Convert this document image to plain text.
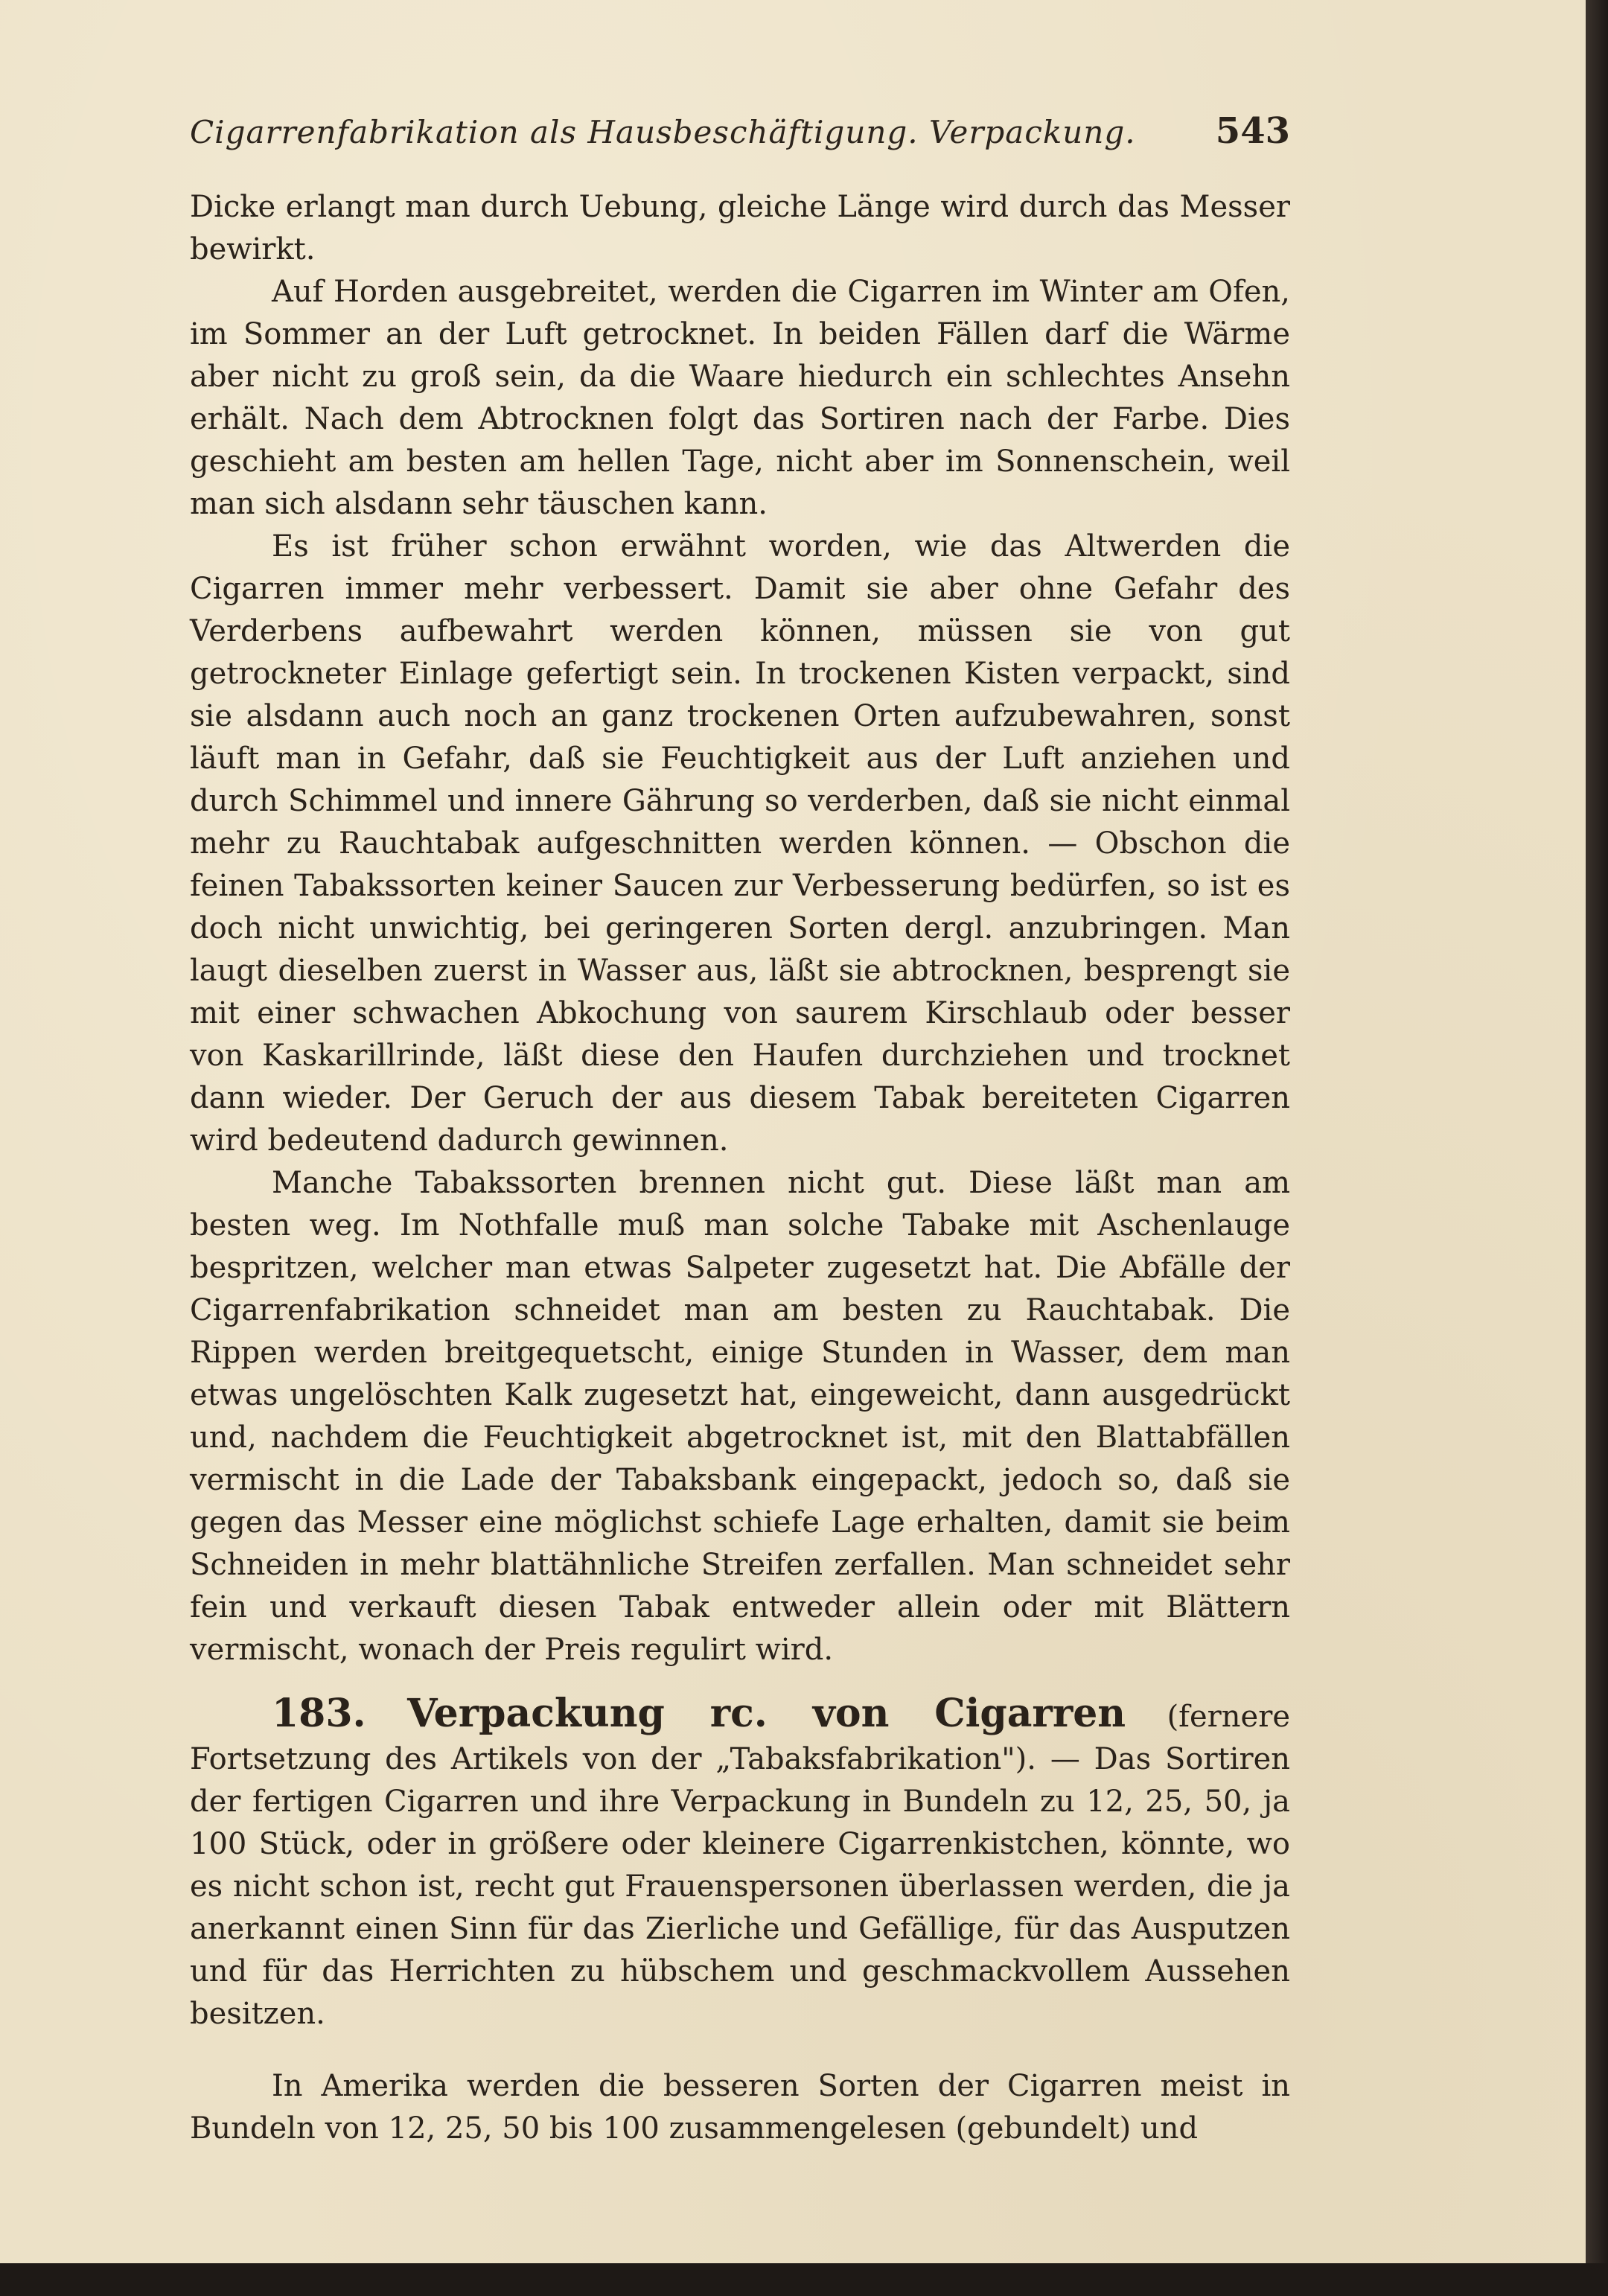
Cigarrenfabrikation als Hausbeschäftigung. Verpackung. 543

Dicke erlangt man durch Uebung, gleiche Länge wird durch das Messer bewirkt.

Auf Horden ausgebreitet, werden die Cigarren im Winter am Ofen, im Sommer an der Luft getrocknet. In beiden Fällen darf die Wärme aber nicht zu groß sein, da die Waare hiedurch ein schlechtes Ansehn erhält. Nach dem Abtrocknen folgt das Sortiren nach der Farbe. Dies geschieht am besten am hellen Tage, nicht aber im Sonnenschein, weil man sich alsdann sehr täuschen kann.

Es ist früher schon erwähnt worden, wie das Altwerden die Cigarren immer mehr verbessert. Damit sie aber ohne Gefahr des Verderbens aufbewahrt werden können, müssen sie von gut getrockneter Einlage gefertigt sein. In trockenen Kisten verpackt, sind sie alsdann auch noch an ganz trockenen Orten aufzubewahren, sonst läuft man in Gefahr, daß sie Feuchtigkeit aus der Luft anziehen und durch Schimmel und innere Gährung so verderben, daß sie nicht einmal mehr zu Rauchtabak aufgeschnitten werden können. — Obschon die feinen Tabakssorten keiner Saucen zur Verbesserung bedürfen, so ist es doch nicht unwichtig, bei geringeren Sorten dergl. anzubringen. Man laugt dieselben zuerst in Wasser aus, läßt sie abtrocknen, besprengt sie mit einer schwachen Abkochung von saurem Kirschlaub oder besser von Kaskarillrinde, läßt diese den Haufen durchziehen und trocknet dann wieder. Der Geruch der aus diesem Tabak bereiteten Cigarren wird bedeutend dadurch gewinnen.

Manche Tabakssorten brennen nicht gut. Diese läßt man am besten weg. Im Nothfalle muß man solche Tabake mit Aschenlauge bespritzen, welcher man etwas Salpeter zugesetzt hat. Die Abfälle der Cigarrenfabrikation schneidet man am besten zu Rauchtabak. Die Rippen werden breitgequetscht, einige Stunden in Wasser, dem man etwas ungelöschten Kalk zugesetzt hat, eingeweicht, dann ausgedrückt und, nachdem die Feuchtigkeit abgetrocknet ist, mit den Blattabfällen vermischt in die Lade der Tabaksbank eingepackt, jedoch so, daß sie gegen das Messer eine möglichst schiefe Lage erhalten, damit sie beim Schneiden in mehr blattähnliche Streifen zerfallen. Man schneidet sehr fein und verkauft diesen Tabak entweder allein oder mit Blättern vermischt, wonach der Preis regulirt wird.

183. Verpackung rc. von Cigarren (fernere Fortsetzung des Artikels von der „Tabaksfabrikation"). — Das Sortiren der fertigen Cigarren und ihre Verpackung in Bundeln zu 12, 25, 50, ja 100 Stück, oder in größere oder kleinere Cigarrenkistchen, könnte, wo es nicht schon ist, recht gut Frauenspersonen überlassen werden, die ja anerkannt einen Sinn für das Zierliche und Gefällige, für das Ausputzen und für das Herrichten zu hübschem und geschmackvollem Aussehen besitzen.

In Amerika werden die besseren Sorten der Cigarren meist in Bundeln von 12, 25, 50 bis 100 zusammengelesen (gebundelt) und
